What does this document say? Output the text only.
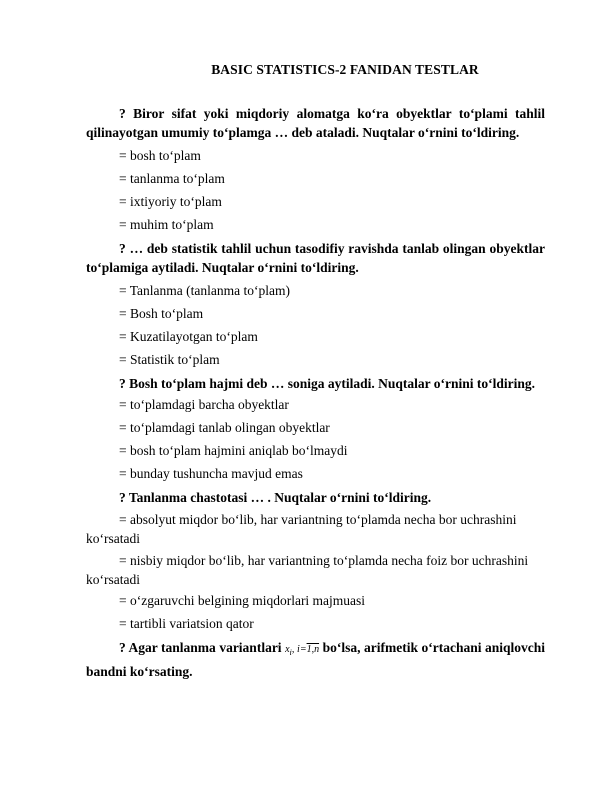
BASIC STATISTICS-2 FANIDAN TESTLAR

? Biror sifat yoki miqdoriy alomatga ko‘ra obyektlar to‘plami tahlil qilinayotgan umumiy to‘plamga … deb ataladi. Nuqtalar o‘rnini to‘ldiring.

= bosh to‘plam

= tanlanma to‘plam

= ixtiyoriy to‘plam

= muhim to‘plam

? … deb statistik tahlil uchun tasodifiy ravishda tanlab olingan obyektlar to‘plamiga aytiladi. Nuqtalar o‘rnini to‘ldiring.

= Tanlanma (tanlanma to‘plam)

= Bosh to‘plam

= Kuzatilayotgan to‘plam

= Statistik to‘plam

? Bosh to‘plam hajmi deb … soniga aytiladi. Nuqtalar o‘rnini to‘ldiring.

= to‘plamdagi barcha obyektlar

= to‘plamdagi tanlab olingan obyektlar

= bosh to‘plam hajmini aniqlab bo‘lmaydi

= bunday tushuncha mavjud emas

? Tanlanma chastotasi … . Nuqtalar o‘rnini to‘ldiring.

= absolyut miqdor bo‘lib, har variantning to‘plamda necha bor uchrashini ko‘rsatadi

= nisbiy miqdor bo‘lib, har variantning to‘plamda necha foiz bor uchrashini ko‘rsatadi

= o‘zgaruvchi belgining miqdorlari majmuasi

= tartibli variatsion qator

? Agar tanlanma variantlari $x_i$, i=1,n bo‘lsa, arifmetik o‘rtachani aniqlovchi bandni ko‘rsating.
